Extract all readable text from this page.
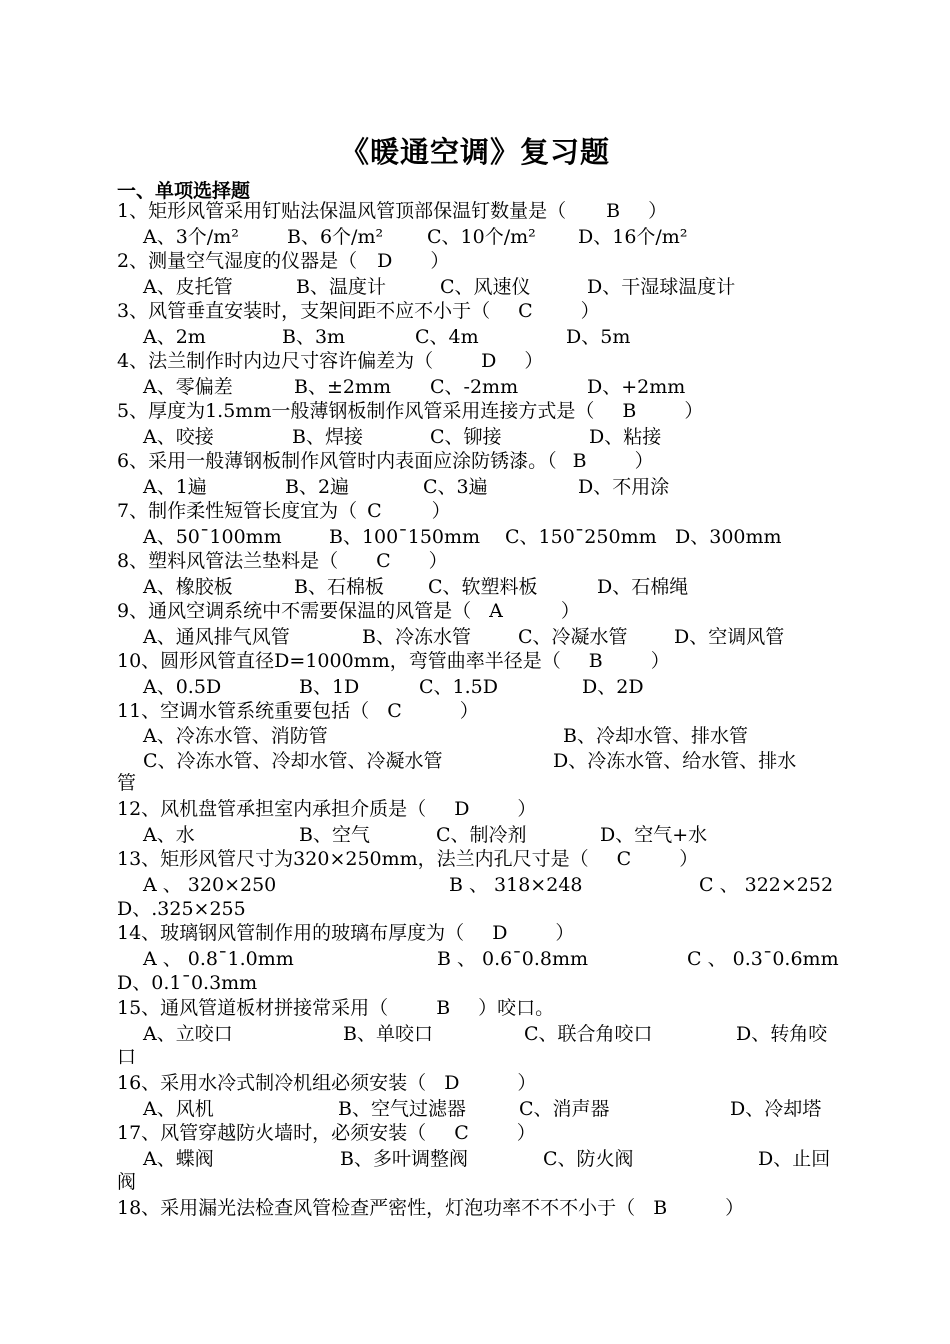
《暖通空调》复习题
一、单项选择题
1、矩形风管采用钉贴法保温风管顶部保温钉数量是（ B ）
A、3个/m²	B、6个/m² C、10个/m² D、16个/m²
2、测量空气湿度的仪器是（ D ）
A、皮托管	B、温度计	C、风速仪	D、干湿球温度计
3、风管垂直安装时，支架间距不应不小于（ C	）
A、2m	B、3m	C、4m	D、5m
4、法兰制作时内边尺寸容许偏差为（	D ）
A、零偏差	B、±2mm C、-2mm	D、+2mm
5、厚度为1.5mm一般薄钢板制作风管采用连接方式是（ B	）
A、咬接	B、焊接	C、铆接	D、粘接
6、采用一般薄钢板制作风管时内表面应涂防锈漆。（ B	）
A、1遍	B、2遍	C、3遍	D、不用涂
7、制作柔性短管长度宜为（ C	）
A、50¯100mm B、100¯150mm C、150¯250mm D、300mm
8、塑料风管法兰垫料是（ C ）
A、橡胶板	B、石棉板 C、软塑料板	D、石棉绳
9、通风空调系统中不需要保温的风管是（ A	）
A、通风排气风管	B、冷冻水管 C、冷凝水管 D、空调风管
10、圆形风管直径D=1000mm，弯管曲率半径是（ B	）
A、0.5D	B、1D	C、1.5D	D、2D
11、空调水管系统重要包括（ C	）
A、冷冻水管、消防管	B、冷却水管、排水管
C、冷冻水管、冷却水管、冷凝水管	D、冷冻水管、给水管、排水
管
12、风机盘管承担室内承担介质是（ D	）
A、水	B、空气	C、制冷剂	D、空气+水
13、矩形风管尺寸为320×250mm，法兰内孔尺寸是（ C	）
A 、 320×250	B 、 318×248	C 、 322×252
D、.325×255
14、玻璃钢风管制作用的玻璃布厚度为（ D	）
A 、 0.8¯1.0mm	B 、 0.6¯0.8mm	C 、 0.3¯0.6mm
D、0.1¯0.3mm
15、通风管道板材拼接常采用（	B ）咬口。
A、立咬口	B、单咬口	C、联合角咬口	D、转角咬
口
16、采用水冷式制冷机组必须安装（ D	）
A、风机	B、空气过滤器	C、消声器	D、冷却塔
17、风管穿越防火墙时，必须安装（ C	）
A、蝶阀	B、多叶调整阀	C、防火阀	D、止回
阀
18、采用漏光法检查风管检查严密性，灯泡功率不不不小于（ B	）
